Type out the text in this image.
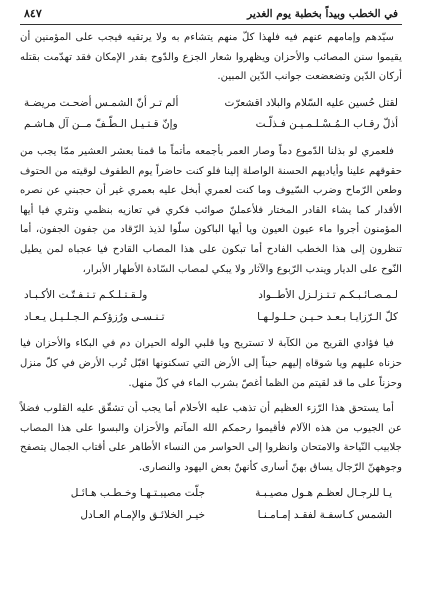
في الخطب وبيداً بخطبة يوم الغدير
٨٤٧

سيّدهم وإمامهم عنهم فيه فلهذا كلّ منهم يتشاءم به ولا يرتقيه فيجب على المؤمنين أن يقيموا سنن المصائب والأحزان ويظهروا شعار الجزع والدّوح بقدر الإمكان فقد تهدّمت بقتله أركان الدّين وتضعضعت جوانب الدّين المبين.

لقتل حُسين عليه السّلام والبلاد اقشعرّت	ألم تـر أنّ الشمـس أضحـت مريضـة
أذلّ رقـاب الـمُـسْـلـمـيـن فـذلّـت	وإنّ قـتـيـل الـطّـفّ مــن آل هـاشـم

فلعمري لو بذلنا الدّموع دماً وصار العمر بأجمعه مأتماً ما قمنا بعشر العشير ممّا يجب من حقوقهم علينا وأياديهم الحسنة الواصلة إلينا فلو كنت حاضراً يوم الطفوف لوقيته من الحتوف وطعن الرّماح وضرب السّيوف وما كنت لعمري أبخل عليه بعمري غير أن حجبني عن نصره الأقدار كما يشاء القادر المختار فلأعملنّ صوائب فكري في تعازيه بنظمي ونثري فيا أيها المؤمنون أجروا ماء عيون العيون ويا أيها الباكون سلّوا لذيذ الرّقاد من جفون الجفون، أما تنظرون إلى هذا الخطب الفادح أما تبكون على هذا المصاب القادح فيا عجباه لمن يطيل النّوح على الديار ويندب الرّبوع والآثار ولا يبكي لمصاب السّادة الأطهار الأبرار،

لـمـصـائـبـكـم تـتـزلـزل الأطــواد	ولـقـتـلـكـم تـتـفـتّـت الأكـبـاد
كلّ الـرّزايـا بـعـد حـيـن حـلـولـهـا	تـنـسـى ورُزؤكـم الـجـلـيـل يـعـاد

فيا فؤادي القريح من الكآبة لا تستريح ويا قلبي الوله الحيران دم في البكاء والأحزان فيا حزناه عليهم ويا شوقاه إليهم حيناً إلى الأرض التي تسكنونها اقبّل تُرب الأرض في كلّ منزل وحزناً على ما قد لقيتم من الظما أغصّ بشرب الماء في كلّ منهل.

أما يستحق هذا الرّزء العظيم أن تذهب عليه الأحلام أما يجب أن تشقّق عليه القلوب فضلاً عن الجيوب من هذه الآلام فأقيموا رحمكم الله المآتم والأحزان والبسوا على هذا المصاب جلابيب النّياحة والامتحان وانظروا إلى الحواسر من النساء الأطاهر على أقتاب الجمال يتصفح وجوههنّ الرّجال يساق بهنّ أسارى كأنهنّ بعض اليهود والنصارى.

يـا للرجـال لعظـم هـول مصيـبـة	جلّت مصيبـتـهـا وخـطـب هـائـل
الشمس كـاسفـة لفقـد إمـامـنـا	خيـر الخلائـق والإمـام العـادل
